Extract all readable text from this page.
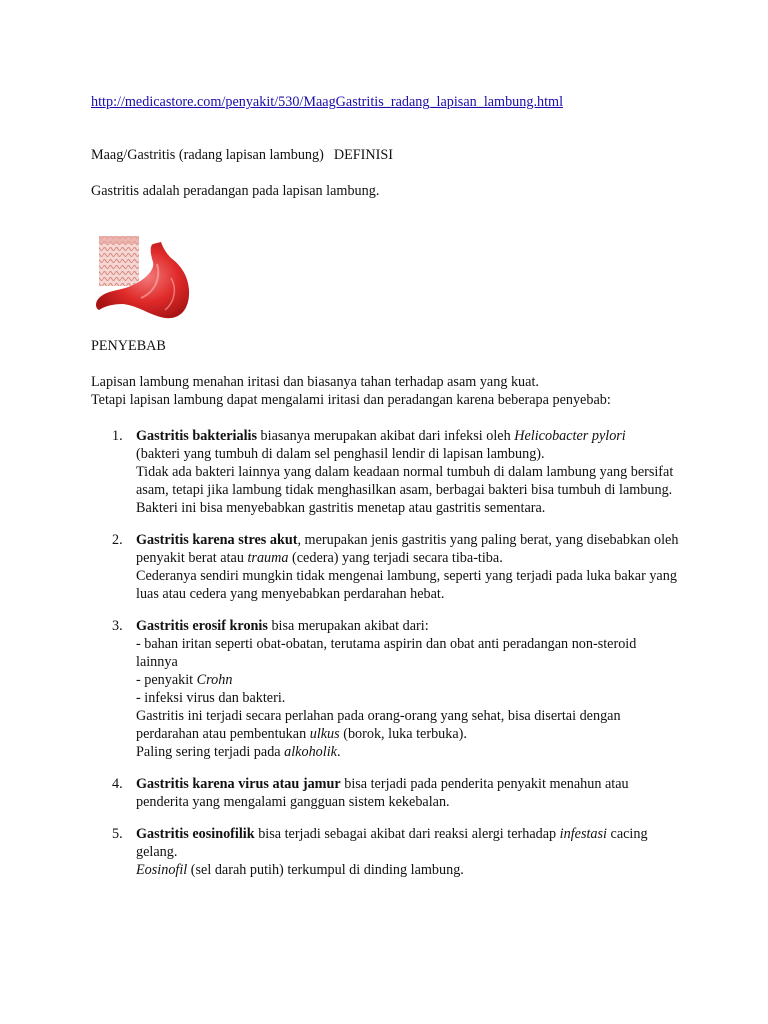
http://medicastore.com/penyakit/530/MaagGastritis_radang_lapisan_lambung.html
Maag/Gastritis (radang lapisan lambung) DEFINISI
Gastritis adalah peradangan pada lapisan lambung.
PENYEBAB
Lapisan lambung menahan iritasi dan biasanya tahan terhadap asam yang kuat.
Tetapi lapisan lambung dapat mengalami iritasi dan peradangan karena beberapa penyebab:
1. Gastritis bakterialis biasanya merupakan akibat dari infeksi oleh Helicobacter pylori

(bakteri yang tumbuh di dalam sel penghasil lendir di lapisan lambung).

Tidak ada bakteri lainnya yang dalam keadaan normal tumbuh di dalam lambung yang bersifat asam, tetapi jika lambung tidak menghasilkan asam, berbagai bakteri bisa tumbuh di lambung. Bakteri ini bisa menyebabkan gastritis menetap atau gastritis sementara.

2. Gastritis karena stres akut, merupakan jenis gastritis yang paling berat, yang disebabkan oleh penyakit berat atau trauma (cedera) yang terjadi secara tiba-tiba.

Cederanya sendiri mungkin tidak mengenai lambung, seperti yang terjadi pada luka bakar yang luas atau cedera yang menyebabkan perdarahan hebat.

3. Gastritis erosif kronis bisa merupakan akibat dari:

- bahan iritan seperti obat-obatan, terutama aspirin dan obat anti peradangan non-steroid lainnya

- penyakit Crohn

- infeksi virus dan bakteri.

Gastritis ini terjadi secara perlahan pada orang-orang yang sehat, bisa disertai dengan perdarahan atau pembentukan ulkus (borok, luka terbuka).

Paling sering terjadi pada alkoholik.

4. Gastritis karena virus atau jamur bisa terjadi pada penderita penyakit menahun atau penderita yang mengalami gangguan sistem kekebalan.

5. Gastritis eosinofilik bisa terjadi sebagai akibat dari reaksi alergi terhadap infestasi cacing gelang.

Eosinofil (sel darah putih) terkumpul di dinding lambung.
